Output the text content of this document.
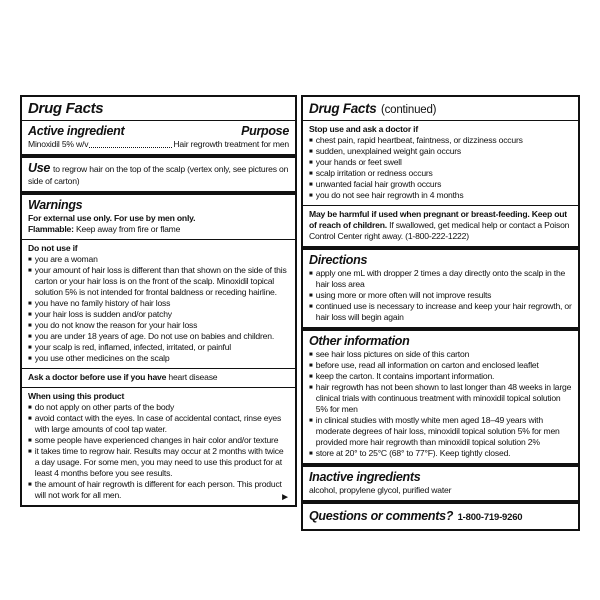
Drug Facts
Active ingredient	Purpose
Minoxidil 5% w/v	Hair regrowth treatment for men
Use to regrow hair on the top of the scalp (vertex only, see pictures on side of carton)
Warnings
For external use only. For use by men only.
Flammable: Keep away from fire or flame
Do not use if
■ you are a woman
■ your amount of hair loss is different than that shown on the side of this carton or your hair loss is on the front of the scalp. Minoxidil topical solution 5% is not intended for frontal baldness or receding hairline.
■ you have no family history of hair loss
■ your hair loss is sudden and/or patchy
■ you do not know the reason for your hair loss
■ you are under 18 years of age. Do not use on babies and children.
■ your scalp is red, inflamed, infected, irritated, or painful
■ you use other medicines on the scalp
Ask a doctor before use if you have heart disease
When using this product
■ do not apply on other parts of the body
■ avoid contact with the eyes. In case of accidental contact, rinse eyes with large amounts of cool tap water.
■ some people have experienced changes in hair color and/or texture
■ it takes time to regrow hair. Results may occur at 2 months with twice a day usage. For some men, you may need to use this product for at least 4 months before you see results.
■ the amount of hair regrowth is different for each person. This product will not work for all men.	►
Drug Facts (continued)
Stop use and ask a doctor if
■ chest pain, rapid heartbeat, faintness, or dizziness occurs
■ sudden, unexplained weight gain occurs
■ your hands or feet swell
■ scalp irritation or redness occurs
■ unwanted facial hair growth occurs
■ you do not see hair regrowth in 4 months
May be harmful if used when pregnant or breast-feeding. Keep out of reach of children. If swallowed, get medical help or contact a Poison Control Center right away. (1-800-222-1222)
Directions
■ apply one mL with dropper 2 times a day directly onto the scalp in the hair loss area
■ using more or more often will not improve results
■ continued use is necessary to increase and keep your hair regrowth, or hair loss will begin again
Other information
■ see hair loss pictures on side of this carton
■ before use, read all information on carton and enclosed leaflet
■ keep the carton. It contains important information.
■ hair regrowth has not been shown to last longer than 48 weeks in large clinical trials with continuous treatment with minoxidil topical solution 5% for men
■ in clinical studies with mostly white men aged 18–49 years with moderate degrees of hair loss, minoxidil topical solution 5% for men provided more hair regrowth than minoxidil topical solution 2%
■ store at 20° to 25°C (68° to 77°F). Keep tightly closed.
Inactive ingredients
alcohol, propylene glycol, purified water
Questions or comments? 1-800-719-9260
